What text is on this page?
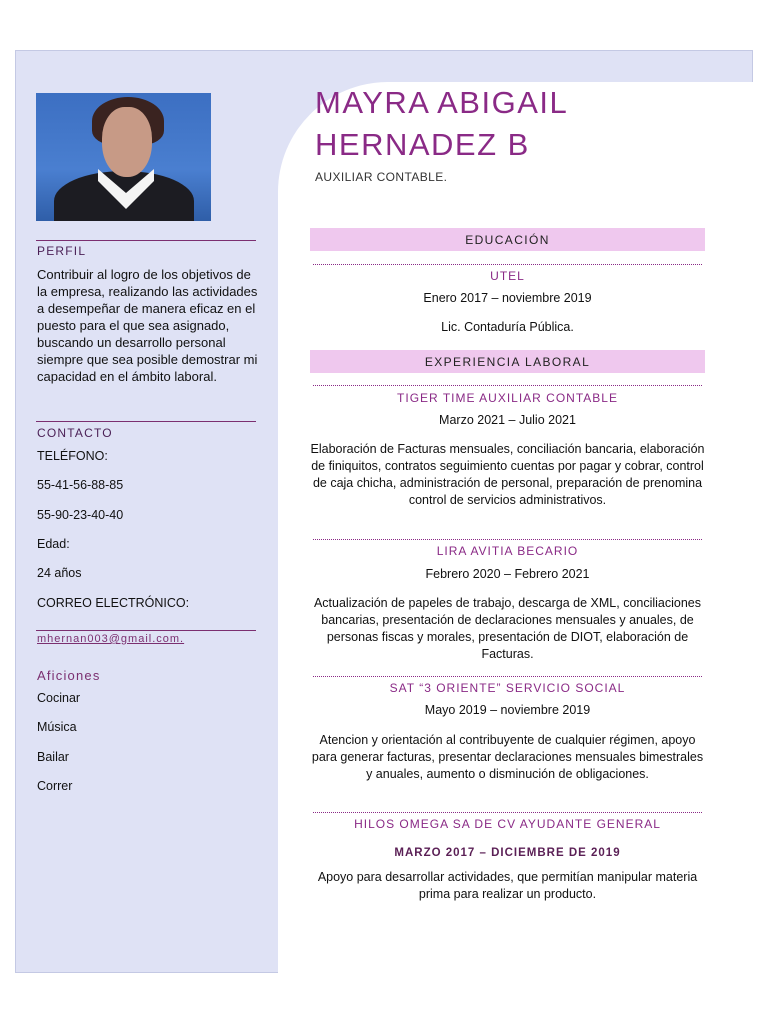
PERFIL
Contribuir al logro de los objetivos de la empresa, realizando las actividades a desempeñar de manera eficaz en el puesto para el que sea asignado, buscando un desarrollo personal siempre que sea posible demostrar mi capacidad en el ámbito laboral.
CONTACTO
TELÉFONO:
55-41-56-88-85
55-90-23-40-40
Edad:
24 años
CORREO ELECTRÓNICO:
mhernan003@gmail.com.
Aficiones
Cocinar
Música
Bailar
Correr
MAYRA ABIGAIL
HERNADEZ B
AUXILIAR CONTABLE.
EDUCACIÓN
UTEL
Enero 2017 – noviembre 2019
Lic. Contaduría Pública.
EXPERIENCIA LABORAL
TIGER TIME AUXILIAR CONTABLE
Marzo 2021 – Julio 2021
Elaboración de Facturas mensuales, conciliación bancaria, elaboración de finiquitos, contratos seguimiento cuentas por pagar y cobrar, control de caja chicha, administración de personal, preparación de prenomina control de servicios administrativos.
LIRA AVITIA BECARIO
Febrero 2020 – Febrero 2021
Actualización de papeles de trabajo, descarga de XML, conciliaciones bancarias, presentación de declaraciones mensuales y anuales, de personas fiscas y morales, presentación de DIOT, elaboración de Facturas.
SAT “3 ORIENTE” SERVICIO SOCIAL
Mayo 2019 – noviembre 2019
Atencion y orientación al contribuyente de cualquier régimen, apoyo para generar facturas, presentar declaraciones mensuales bimestrales y anuales, aumento o disminución de obligaciones.
HILOS OMEGA SA DE CV AYUDANTE GENERAL
MARZO 2017 – DICIEMBRE DE 2019
Apoyo para desarrollar actividades, que permitían manipular materia prima para realizar un producto.
